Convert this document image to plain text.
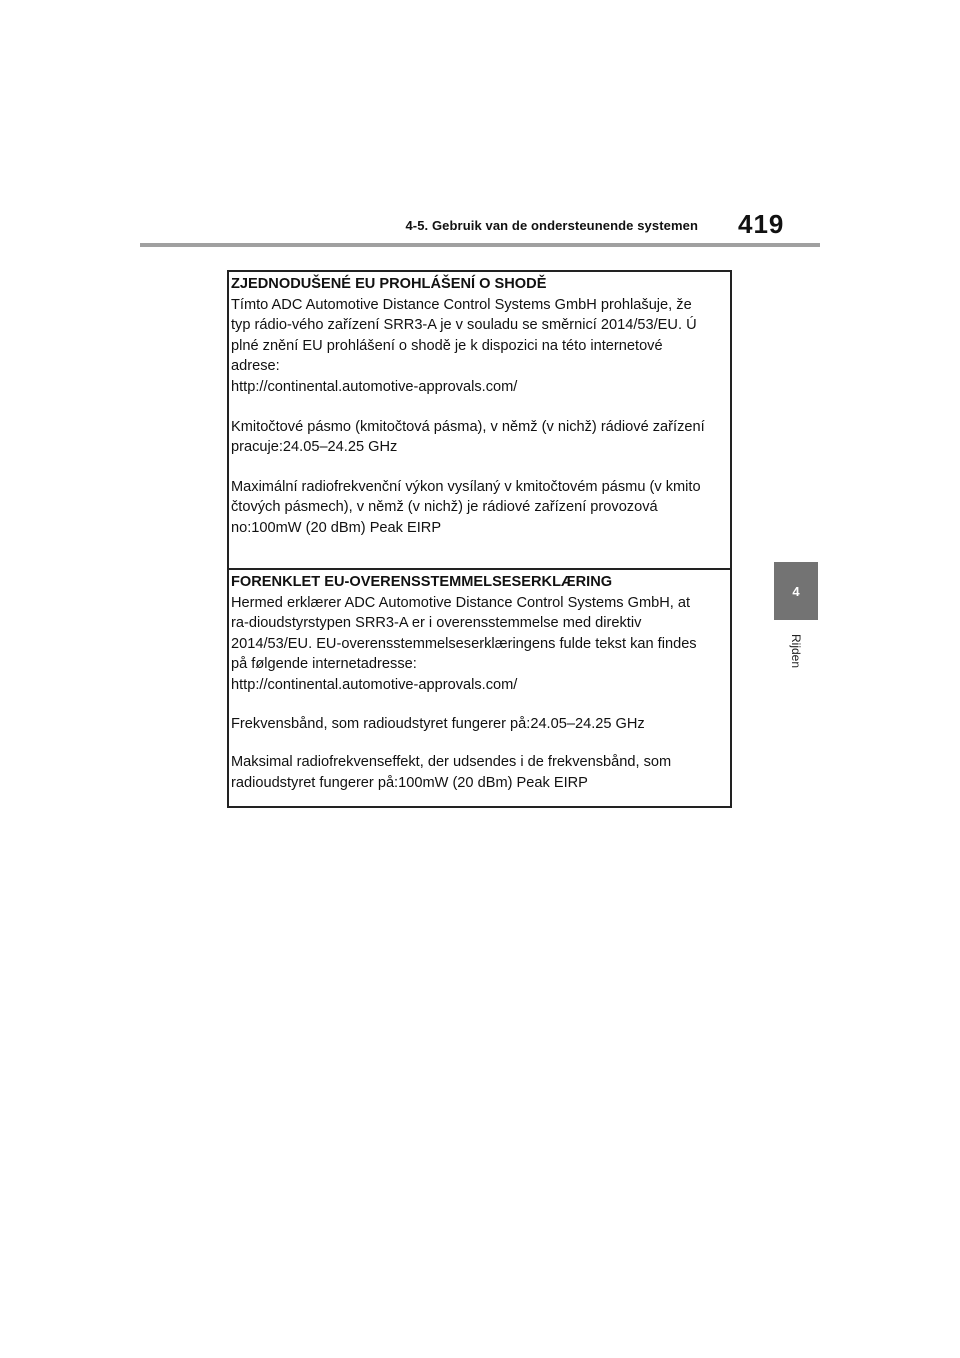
4-5. Gebruik van de ondersteunende systemen 419
4
Rijden
ZJEDNODUŠENÉ EU PROHLÁŠENÍ O SHODĚ
Tímto ADC Automotive Distance Control Systems GmbH prohlašuje, že
typ rádio-vého zařízení SRR3-A je v souladu se směrnicí 2014/53/EU. Ú
plné znění EU prohlášení o shodě je k dispozici na této internetové
adrese:
http://continental.automotive-approvals.com/
Kmitočtové pásmo (kmitočtová pásma), v němž (v nichž) rádiové zařízení
pracuje:24.05–24.25 GHz
Maximální radiofrekvenční výkon vysílaný v kmitočtovém pásmu (v kmito
čtových pásmech), v němž (v nichž) je rádiové zařízení provozová
no:100mW (20 dBm) Peak EIRP
FORENKLET EU-OVERENSSTEMMELSESERKLÆRING
Hermed erklærer ADC Automotive Distance Control Systems GmbH, at
ra-dioudstyrstypen SRR3-A er i overensstemmelse med direktiv
2014/53/EU. EU-overensstemmelseserklæringens fulde tekst kan findes
på følgende internetadresse:
http://continental.automotive-approvals.com/
Frekvensbånd, som radioudstyret fungerer på:24.05–24.25 GHz
Maksimal radiofrekvenseffekt, der udsendes i de frekvensbånd, som
radioudstyret fungerer på:100mW (20 dBm) Peak EIRP
